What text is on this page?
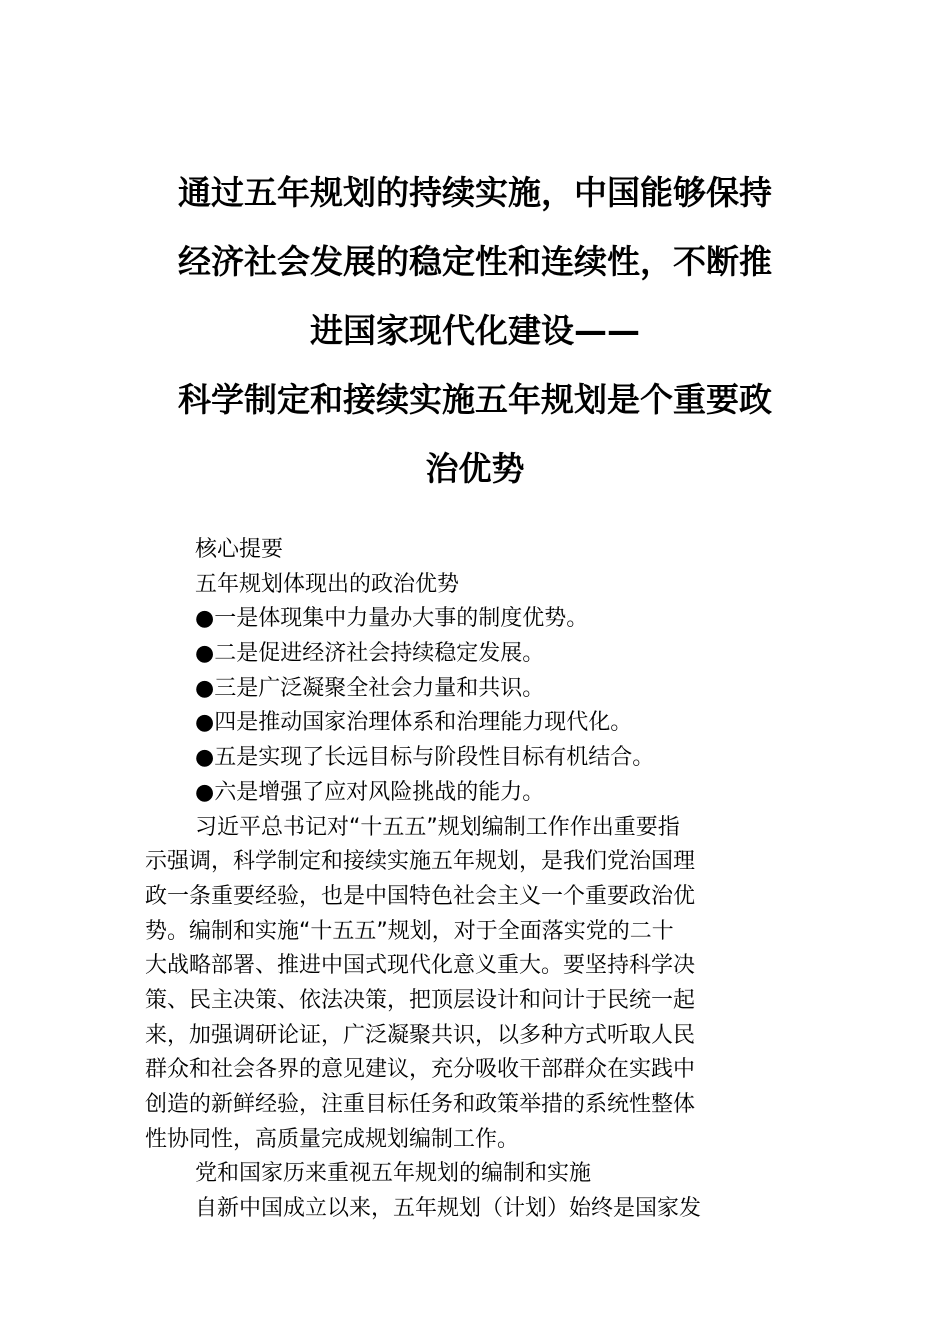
通过五年规划的持续实施，中国能够保持
经济社会发展的稳定性和连续性，不断推
进国家现代化建设——
科学制定和接续实施五年规划是个重要政
治优势
核心提要
五年规划体现出的政治优势
●一是体现集中力量办大事的制度优势。
●二是促进经济社会持续稳定发展。
●三是广泛凝聚全社会力量和共识。
●四是推动国家治理体系和治理能力现代化。
●五是实现了长远目标与阶段性目标有机结合。
●六是增强了应对风险挑战的能力。
习近平总书记对“十五五”规划编制工作作出重要指
示强调，科学制定和接续实施五年规划，是我们党治国理
政一条重要经验，也是中国特色社会主义一个重要政治优
势。编制和实施“十五五”规划，对于全面落实党的二十
大战略部署、推进中国式现代化意义重大。要坚持科学决
策、民主决策、依法决策，把顶层设计和问计于民统一起
来，加强调研论证，广泛凝聚共识，以多种方式听取人民
群众和社会各界的意见建议，充分吸收干部群众在实践中
创造的新鲜经验，注重目标任务和政策举措的系统性整体
性协同性，高质量完成规划编制工作。
党和国家历来重视五年规划的编制和实施
自新中国成立以来，五年规划（计划）始终是国家发
